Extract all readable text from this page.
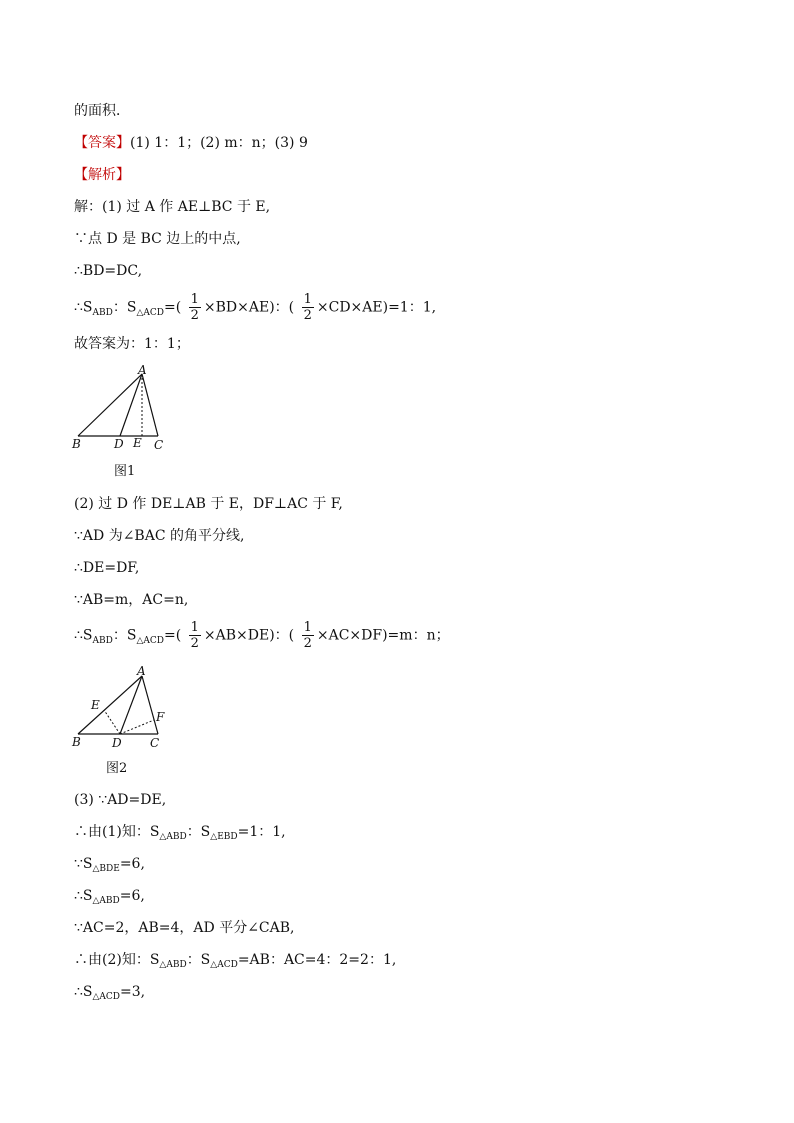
的面积．
【答案】(1) 1：1；(2) m：n；(3) 9
【解析】
解：(1) 过 A 作 AE⊥BC 于 E,
∵点 D 是 BC 边上的中点,
∴BD=DC,
$\therefore S_{ABD}$：$S_{\triangle ACD}=( \frac{1}{2} \times BD\times AE)$：( $\frac{1}{2} \times CD\times AE)=1$：1,
故答案为：1：1；
A
B	D E C
图1
(2) 过 D 作 DE⊥AB 于 E，DF⊥AC 于 F,
∵AD 为∠BAC 的角平分线,
∴DE=DF,
∵AB=m，AC=n,
$\therefore S_{ABD}$：$S_{\triangle ACD}=( \frac{1}{2} \times AB\times DE)$：( $\frac{1}{2} \times AC\times DF)=m$：n；
A
E
F
B	D C
图2
(3) ∵AD=DE,
∴由(1)知：$S_{\triangle ABD}$：$S_{\triangle EBD}=1$：1,
$\because S_{\triangle BDE}=6$,
$\therefore S_{\triangle ABD}=6$,
∵AC=2，AB=4，AD 平分∠CAB,
∴由(2)知：$S_{\triangle ABD}$：$S_{\triangle ACD}=AB$：AC=4：2=2：1,
$\therefore S_{\triangle ACD}=3$,
